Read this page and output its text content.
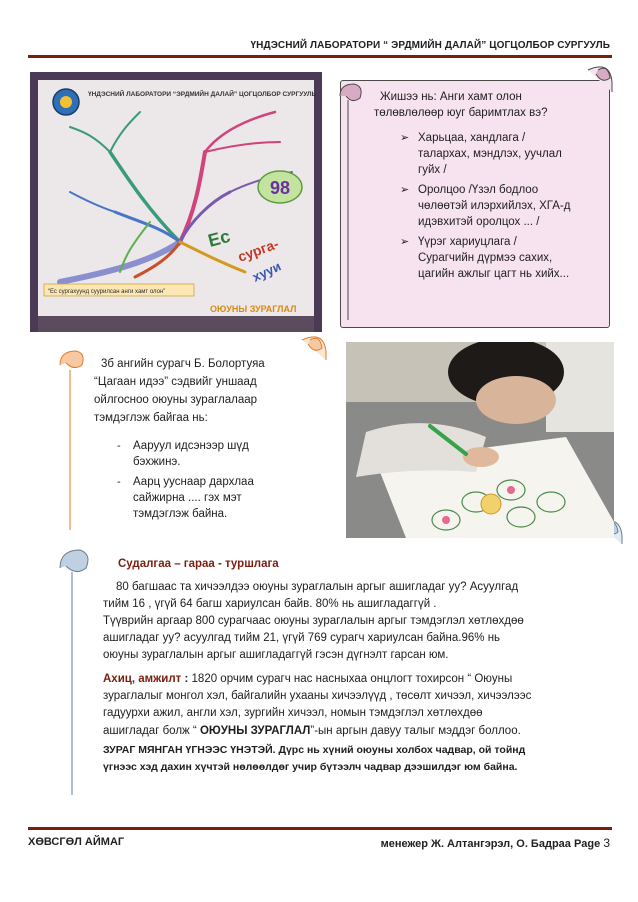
ҮНДЭСНИЙ ЛАБОРАТОРИ “ ЭРДМИЙН ДАЛАЙ” ЦОГЦОЛБОР СУРГУУЛЬ
ҮНДЭСНИЙ ЛАБОРАТОРИ “ЭРДМИЙН ДАЛАЙ” ЦОГЦОЛБОР СУРГУУЛЬ
98
Ес сурга-
хууи
“Ес сургахуунд суурилсан анги хамт олон”
ОЮУНЫ ЗУРАГЛАЛ
Жишээ нь: Анги хамт олон
төлөвлөлөөр юуг баримтлах вэ?
➢ Харьцаа, хандлага /
талархах, мэндлэх, уучлал
гуйх /
➢ Оролцоо /Үзэл бодлоо
чөлөөтэй илэрхийлэх, ХГА-д
идэвхитэй оролцох ... /
➢ Үүрэг хариуцлага /
Сурагчийн дүрмээ сахих,
цагийн ажлыг цагт нь хийх...
3б ангийн сурагч Б. Болортуяа
“Цагаан идээ” сэдвийг уншаад
ойлгосноо оюуны зураглалаар
тэмдэглэж байгаа нь:
- Ааруул идсэнээр шүд
бэхжинэ.
- Аарц ууснаар дархлаа
сайжирна .... гэх мэт
тэмдэглэж байна.
Судалгаа – гараа - туршлага
80 багшаас та хичээлдээ оюуны зураглалын аргыг ашигладаг уу? Асуулгад
тийм 16 , үгүй 64 багш хариулсан байв. 80% нь ашигладаггүй .
Түүврийн аргаар 800 сурагчаас оюуны зураглалын аргыг тэмдэглэл хөтлөхдөө
ашигладаг уу? асуулгад тийм 21, үгүй 769 сурагч хариулсан байна.96% нь
оюуны зураглалын аргыг ашигладаггүй гэсэн дүгнэлт гарсан юм.
Ахиц, амжилт : 1820 орчим сурагч нас насныхаа онцлогт тохирсон “ Оюуны
зураглалыг монгол хэл, байгалийн ухааны хичээлүүд , төсөлт хичээл, хичээлээс
гадуурхи ажил, англи хэл, зургийн хичээл, номын тэмдэглэл хөтлөхдөө
ашигладаг болж “ ОЮУНЫ ЗУРАГЛАЛ”-ын аргын давуу талыг мэддэг боллоо.
ЗУРАГ МЯНГАН ҮГНЭЭС ҮНЭТЭЙ. Дүрс нь хүний оюуны холбох чадвар, ой тойнд
үгнээс хэд дахин хүчтэй нөлөөлдөг учир бүтээлч чадвар дээшилдэг юм байна.
ХӨВСГӨЛ АЙМАГ	менежер Ж. Алтангэрэл, О. Бадраа Page 3
